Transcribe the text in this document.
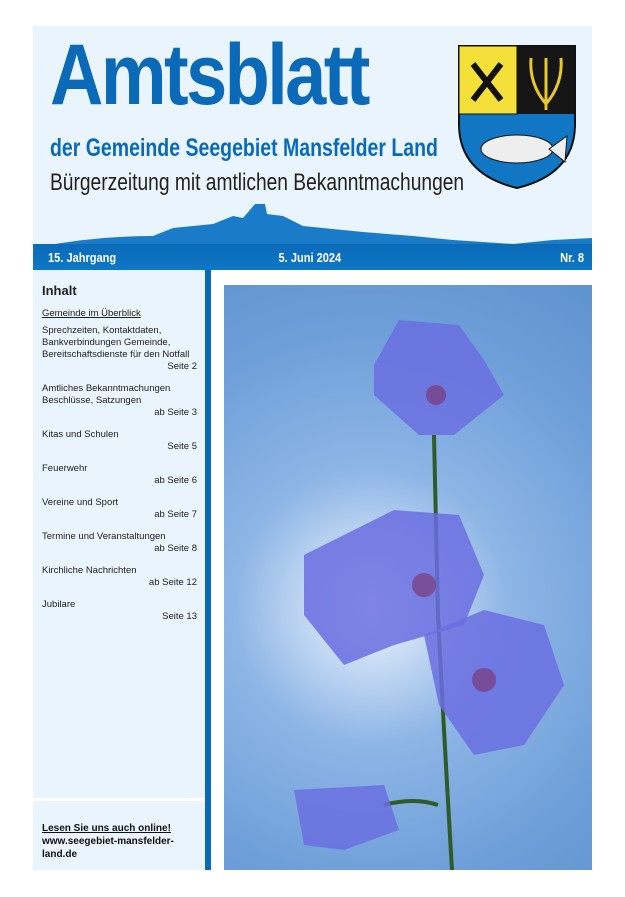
Amtsblatt
der Gemeinde Seegebiet Mansfelder Land
Bürgerzeitung mit amtlichen Bekanntmachungen
15. Jahrgang	5. Juni 2024	Nr. 8
Inhalt
Gemeinde im Überblick
Sprechzeiten, Kontaktdaten, Bankverbindungen Gemeinde, Bereitschaftsdienste für den Notfall
Seite 2
Amtliches Bekanntmachungen Beschlüsse, Satzungen
ab Seite 3
Kitas und Schulen
Seite 5
Feuerwehr
ab Seite 6
Vereine und Sport
ab Seite 7
Termine und Veranstaltungen
ab Seite 8
Kirchliche Nachrichten
ab Seite 12
Jubilare
Seite 13
Lesen Sie uns auch online!
www.seegebiet-mansfelder-land.de
